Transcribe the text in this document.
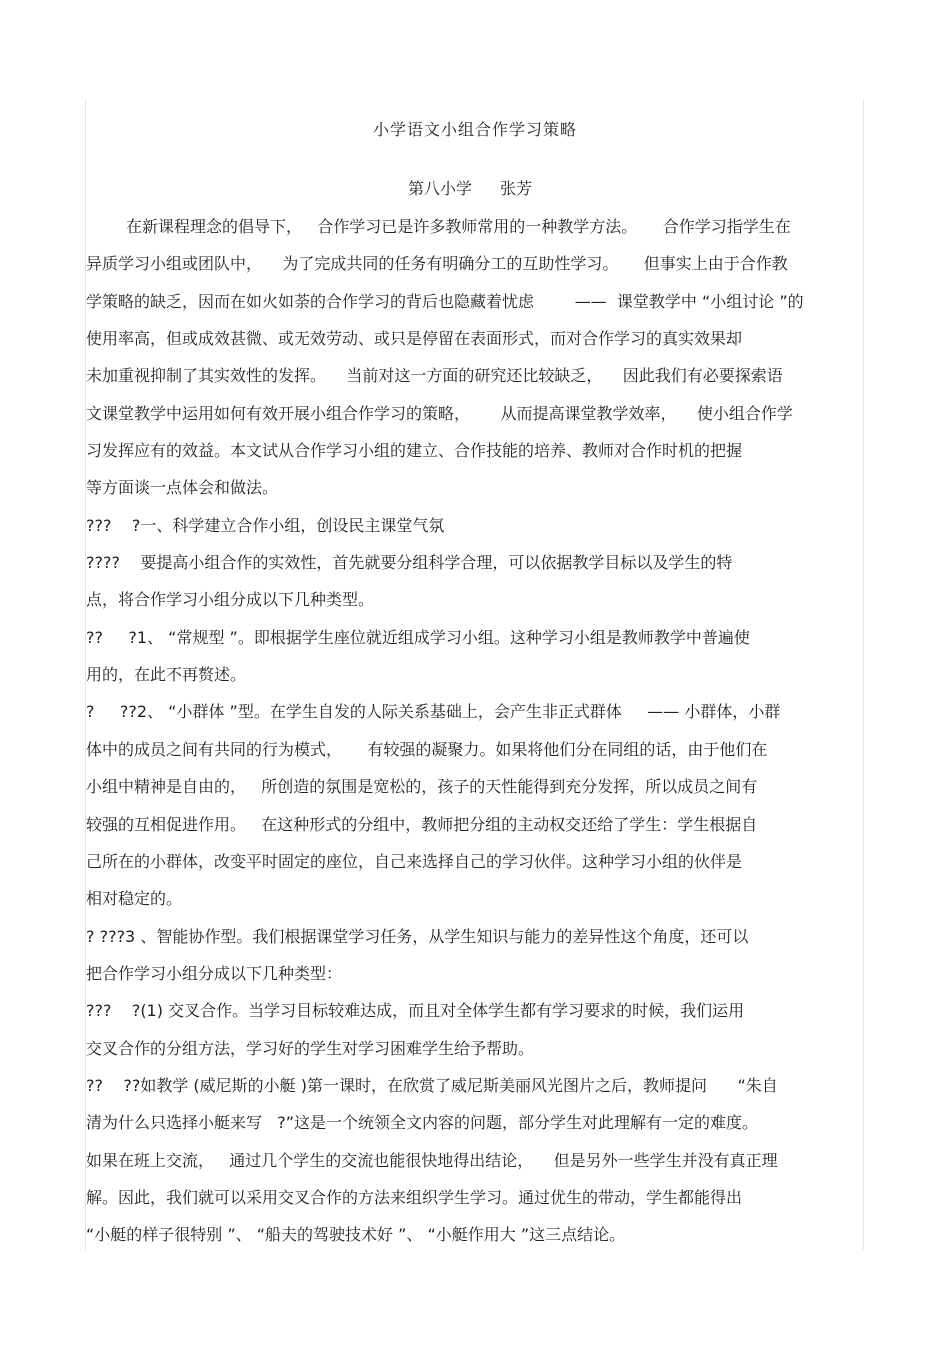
小学语文小组合作学习策略
第八小学 张芳
在新课程理念的倡导下，   合作学习已是许多教师常用的一种教学方法。     合作学习指学生在
异质学习小组或团队中，    为了完成共同的任务有明确分工的互助性学习。     但事实上由于合作教
学策略的缺乏，因而在如火如荼的合作学习的背后也隐藏着忧虑        ——  课堂教学中 “小组讨论 ”的
使用率高，但或成效甚微、或无效劳动、或只是停留在表面形式，而对合作学习的真实效果却
未加重视抑制了其实效性的发挥。    当前对这一方面的研究还比较缺乏，    因此我们有必要探索语
文课堂教学中运用如何有效开展小组合作学习的策略，      从而提高课堂教学效率，    使小组合作学
习发挥应有的效益。本文试从合作学习小组的建立、合作技能的培养、教师对合作时机的把握
等方面谈一点体会和做法。
???    ?一、科学建立合作小组，创设民主课堂气氛
????    要提高小组合作的实效性，首先就要分组科学合理，可以依据教学目标以及学生的特
点，将合作学习小组分成以下几种类型。
??     ?1、 “常规型 ”。即根据学生座位就近组成学习小组。这种学习小组是教师教学中普遍使
用的，在此不再赘述。
?     ??2、 “小群体 ”型。在学生自发的人际关系基础上，会产生非正式群体     —— 小群体，小群
体中的成员之间有共同的行为模式，     有较强的凝聚力。如果将他们分在同组的话，由于他们在
小组中精神是自由的，   所创造的氛围是宽松的，孩子的天性能得到充分发挥，所以成员之间有
较强的互相促进作用。   在这种形式的分组中，教师把分组的主动权交还给了学生：学生根据自
己所在的小群体，改变平时固定的座位，自己来选择自己的学习伙伴。这种学习小组的伙伴是
相对稳定的。
? ???3 、智能协作型。我们根据课堂学习任务，从学生知识与能力的差异性这个角度，还可以
把合作学习小组分成以下几种类型：
???    ?(1) 交叉合作。当学习目标较难达成，而且对全体学生都有学习要求的时候，我们运用
交叉合作的分组方法，学习好的学生对学习困难学生给予帮助。
??    ??如教学 (威尼斯的小艇 )第一课时，在欣赏了威尼斯美丽风光图片之后，教师提问      “朱自
清为什么只选择小艇来写   ?”这是一个统领全文内容的问题，部分学生对此理解有一定的难度。
如果在班上交流，   通过几个学生的交流也能很快地得出结论，    但是另外一些学生并没有真正理
解。因此，我们就可以采用交叉合作的方法来组织学生学习。通过优生的带动，学生都能得出
“小艇的样子很特别 ”、 “船夫的驾驶技术好 ”、 “小艇作用大 ”这三点结论。
